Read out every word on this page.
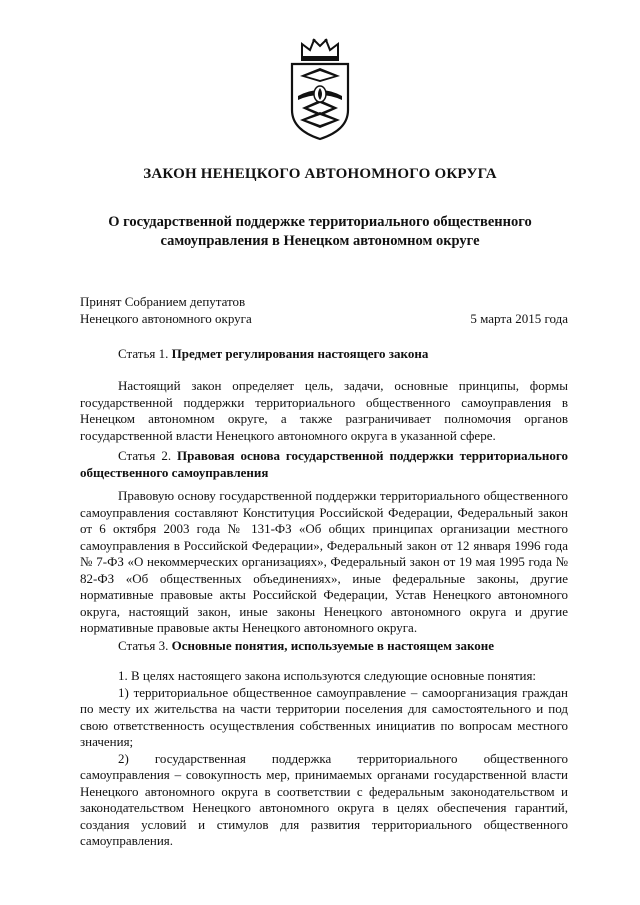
ЗАКОН НЕНЕЦКОГО АВТОНОМНОГО ОКРУГА
О государственной поддержке территориального общественного самоуправления в Ненецком автономном округе
Принят Собранием депутатов
Ненецкого автономного округа	5 марта 2015 года
Статья 1. Предмет регулирования настоящего закона

Настоящий закон определяет цель, задачи, основные принципы, формы государственной поддержки территориального общественного самоуправления в Ненецком автономном округе, а также разграничивает полномочия органов государственной власти Ненецкого автономного округа в указанной сфере.

Статья 2. Правовая основа государственной поддержки территориального общественного самоуправления

Правовую основу государственной поддержки территориального общественного самоуправления составляют Конституция Российской Федерации, Федеральный закон от 6 октября 2003 года № 131-ФЗ «Об общих принципах организации местного самоуправления в Российской Федерации», Федеральный закон от 12 января 1996 года № 7-ФЗ «О некоммерческих организациях», Федеральный закон от 19 мая 1995 года № 82-ФЗ «Об общественных объединениях», иные федеральные законы, другие нормативные правовые акты Российской Федерации, Устав Ненецкого автономного округа, настоящий закон, иные законы Ненецкого автономного округа и другие нормативные правовые акты Ненецкого автономного округа.

Статья 3. Основные понятия, используемые в настоящем законе

1. В целях настоящего закона используются следующие основные понятия:

1) территориальное общественное самоуправление – самоорганизация граждан по месту их жительства на части территории поселения для самостоятельного и под свою ответственность осуществления собственных инициатив по вопросам местного значения;

2) государственная поддержка территориального общественного самоуправления – совокупность мер, принимаемых органами государственной власти Ненецкого автономного округа в соответствии с федеральным законодательством и законодательством Ненецкого автономного округа в целях обеспечения гарантий, создания условий и стимулов для развития территориального общественного самоуправления.
